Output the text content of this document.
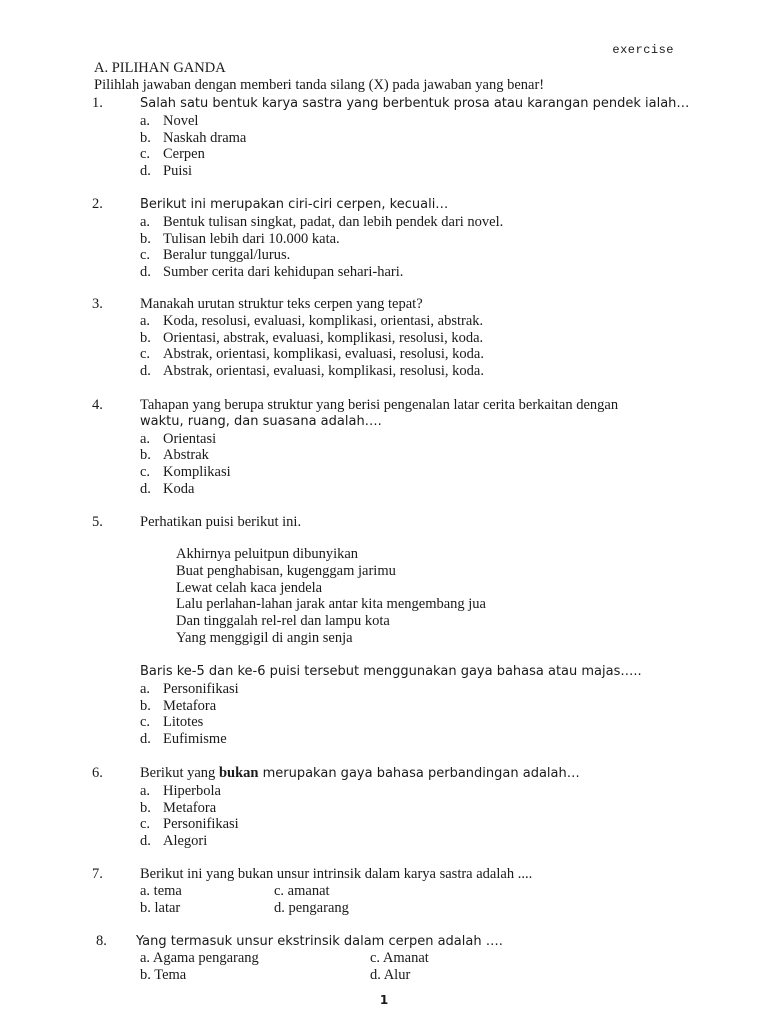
exercise
A. PILIHAN GANDA
Pilihlah jawaban dengan memberi tanda silang (X) pada jawaban yang benar!
1.	Salah satu bentuk karya sastra yang berbentuk prosa atau karangan pendek ialah…
a. Novel
b. Naskah drama
c. Cerpen
d. Puisi
2.	Berikut ini merupakan ciri-ciri cerpen, kecuali…
a. Bentuk tulisan singkat, padat, dan lebih pendek dari novel.
b. Tulisan lebih dari 10.000 kata.
c. Beralur tunggal/lurus.
d. Sumber cerita dari kehidupan sehari-hari.
3.	Manakah urutan struktur teks cerpen yang tepat?
a. Koda, resolusi, evaluasi, komplikasi, orientasi, abstrak.
b. Orientasi, abstrak, evaluasi, komplikasi, resolusi, koda.
c. Abstrak, orientasi, komplikasi, evaluasi, resolusi, koda.
d. Abstrak, orientasi, evaluasi, komplikasi, resolusi, koda.
4.	Tahapan yang berupa struktur yang berisi pengenalan latar cerita berkaitan dengan
waktu, ruang, dan suasana adalah….
a. Orientasi
b. Abstrak
c. Komplikasi
d. Koda
5.	Perhatikan puisi berikut ini.
Akhirnya peluitpun dibunyikan
Buat penghabisan, kugenggam jarimu
Lewat celah kaca jendela
Lalu perlahan-lahan jarak antar kita mengembang jua
Dan tinggalah rel-rel dan lampu kota
Yang menggigil di angin senja
Baris ke-5 dan ke-6 puisi tersebut menggunakan gaya bahasa atau majas…..
a. Personifikasi
b. Metafora
c. Litotes
d. Eufimisme
6.	Berikut yang bukan merupakan gaya bahasa perbandingan adalah…
a. Hiperbola
b. Metafora
c. Personifikasi
d. Alegori
7.	Berikut ini yang bukan unsur intrinsik dalam karya sastra adalah ....
a. tema	c. amanat
b. latar	d. pengarang
8. Yang termasuk unsur ekstrinsik dalam cerpen adalah ….
a. Agama pengarang	c. Amanat
b. Tema	d. Alur
1
